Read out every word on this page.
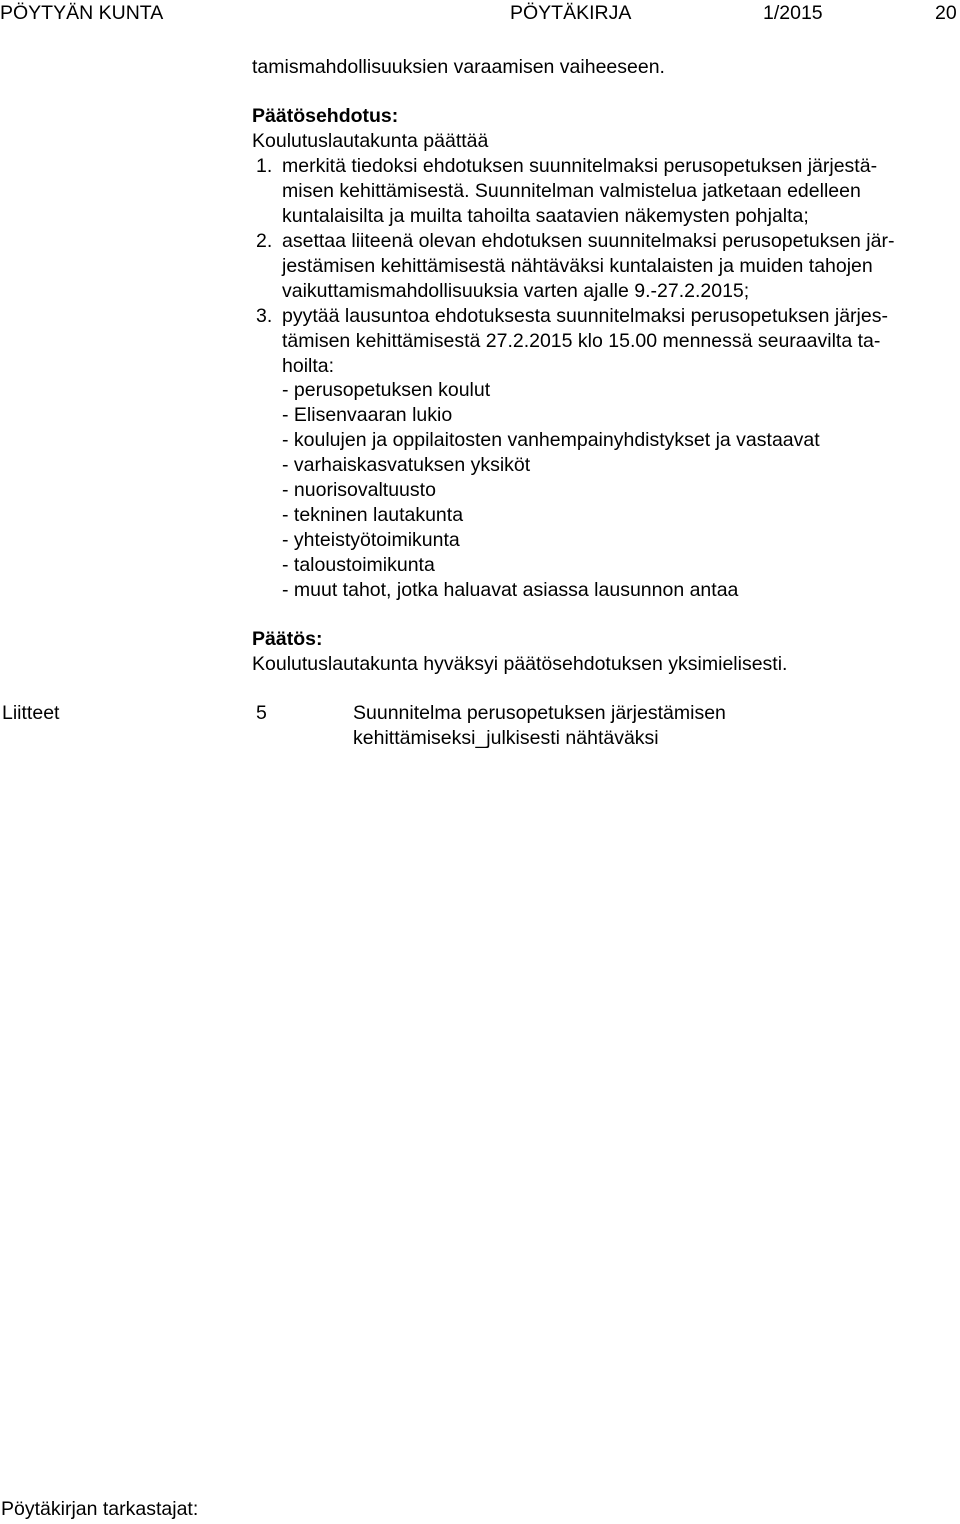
PÖYTYÄN KUNTA	PÖYTÄKIRJA	1/2015	20
tamismahdollisuuksien varaamisen vaiheeseen.
Päätösehdotus:
Koulutuslautakunta päättää
1. merkitä tiedoksi ehdotuksen suunnitelmaksi perusopetuksen järjestä-
misen kehittämisestä. Suunnitelman valmistelua jatketaan edelleen
kuntalaisilta ja muilta tahoilta saatavien näkemysten pohjalta;
2. asettaa liiteenä olevan ehdotuksen suunnitelmaksi perusopetuksen jär-
jestämisen kehittämisestä nähtäväksi kuntalaisten ja muiden tahojen
vaikuttamismahdollisuuksia varten ajalle 9.-27.2.2015;
3. pyytää lausuntoa ehdotuksesta suunnitelmaksi perusopetuksen järjes-
tämisen kehittämisestä 27.2.2015 klo 15.00 mennessä seuraavilta ta-
hoilta:
- perusopetuksen koulut
- Elisenvaaran lukio
- koulujen ja oppilaitosten vanhempainyhdistykset ja vastaavat
- varhaiskasvatuksen yksiköt
- nuorisovaltuusto
- tekninen lautakunta
- yhteistyötoimikunta
- taloustoimikunta
- muut tahot, jotka haluavat asiassa lausunnon antaa
Päätös:
Koulutuslautakunta hyväksyi päätösehdotuksen yksimielisesti.
Liitteet	5	Suunnitelma perusopetuksen järjestämisen
kehittämiseksi_julkisesti nähtäväksi
Pöytäkirjan tarkastajat:
